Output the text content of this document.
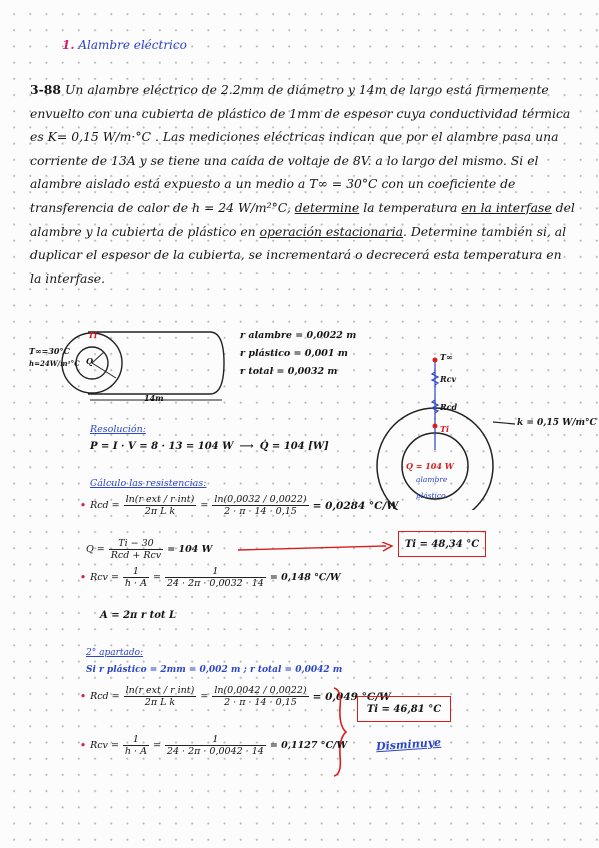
1. Alambre eléctrico
3-88 Un alambre eléctrico de 2.2mm de diámetro y 14m de largo está firmemente envuelto con una cubierta de plástico de 1mm de espesor cuya conductividad térmica es K= 0,15 W/m·°C . Las mediciones eléctricas indican que por el alambre pasa una corriente de 13A y se tiene una caída de voltaje de 8V. a lo largo del mismo. Si el alambre aislado está expuesto a un medio a T∞ = 30°C con un coeficiente de transferencia de calor de h = 24 W/m²°C, determine la temperatura en la interfase del alambre y la cubierta de plástico en operación estacionaria. Determine también si, al duplicar el espesor de la cubierta, se incrementará o decrecerá esta temperatura en la interfase.
T∞=30°C
h=24W/m²°C
Ti
Q
14m
r alambre = 0,0022 m
r plástico = 0,001 m
r total = 0,0032 m
T∞
Rcv
Rcd
Ti
Q = 104 W
alambre
plástico
k = 0,15 W/m°C
Resolución:
P = I · V = 8 · 13 = 104 W ⟶ Q̇ = 104 [W]
Cálculo las resistencias:
• Rcd = $\frac{\text{ln(r ext / r int)}}{\text{2π L k}} = \frac{\ln(0,0032 / 0,0022)}{2 \cdot \pi \cdot 14 \cdot 0,15} = 0,0284$ °C/W
$Q = \frac{Ti - 30}{\text{Rcd + Rcv}} = 104$ W	Ti = 48,34 °C
• Rcv = $\frac{1}{h \cdot A} = \frac{1}{24 \cdot 2\pi \cdot 0,0032 \cdot 14} = 0,148$ °C/W
A = 2π r tot L
2° apartado:
Si r plástico = 2mm = 0,002 m ; r total = 0,0042 m
• Rcd = $\frac{\text{ln(r ext / r int)}}{\text{2π L k}} = \frac{\ln(0,0042 / 0,0022)}{2 \cdot \pi \cdot 14 \cdot 0,15} = 0,049$ °C/W
Ti = 46,81 °C
Disminuye
• Rcv = $\frac{1}{h \cdot A} = \frac{1}{24 \cdot 2\pi \cdot 0,0042 \cdot 14} = 0,1127$ °C/W
